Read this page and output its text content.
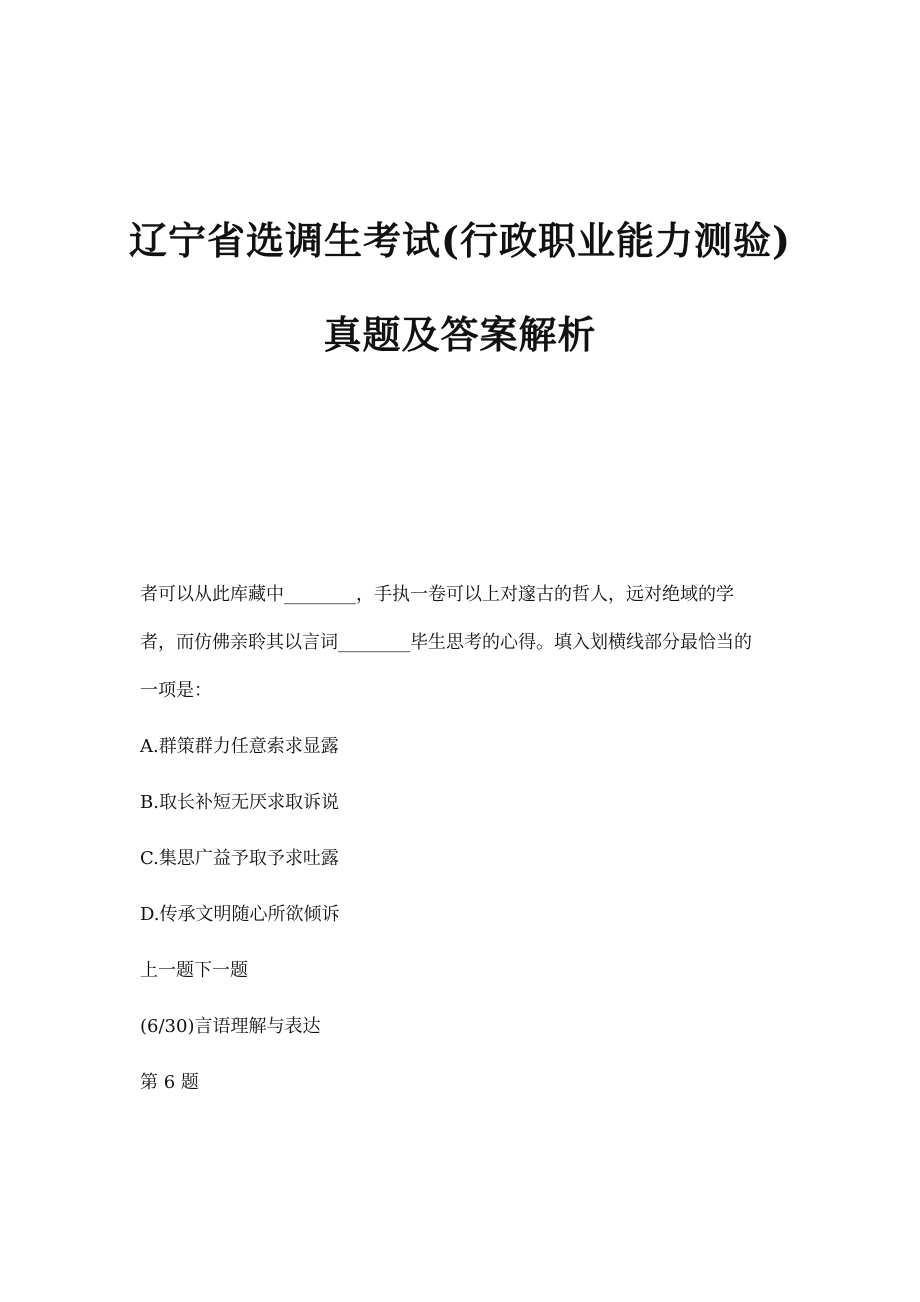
辽宁省选调生考试(行政职业能力测验)
真题及答案解析
者可以从此库藏中________，手执一卷可以上对邃古的哲人，远对绝域的学
者，而仿佛亲聆其以言词________毕生思考的心得。填入划横线部分最恰当的
一项是：
A.群策群力任意索求显露
B.取长补短无厌求取诉说
C.集思广益予取予求吐露
D.传承文明随心所欲倾诉
上一题下一题
(6/30)言语理解与表达
第 6 题
